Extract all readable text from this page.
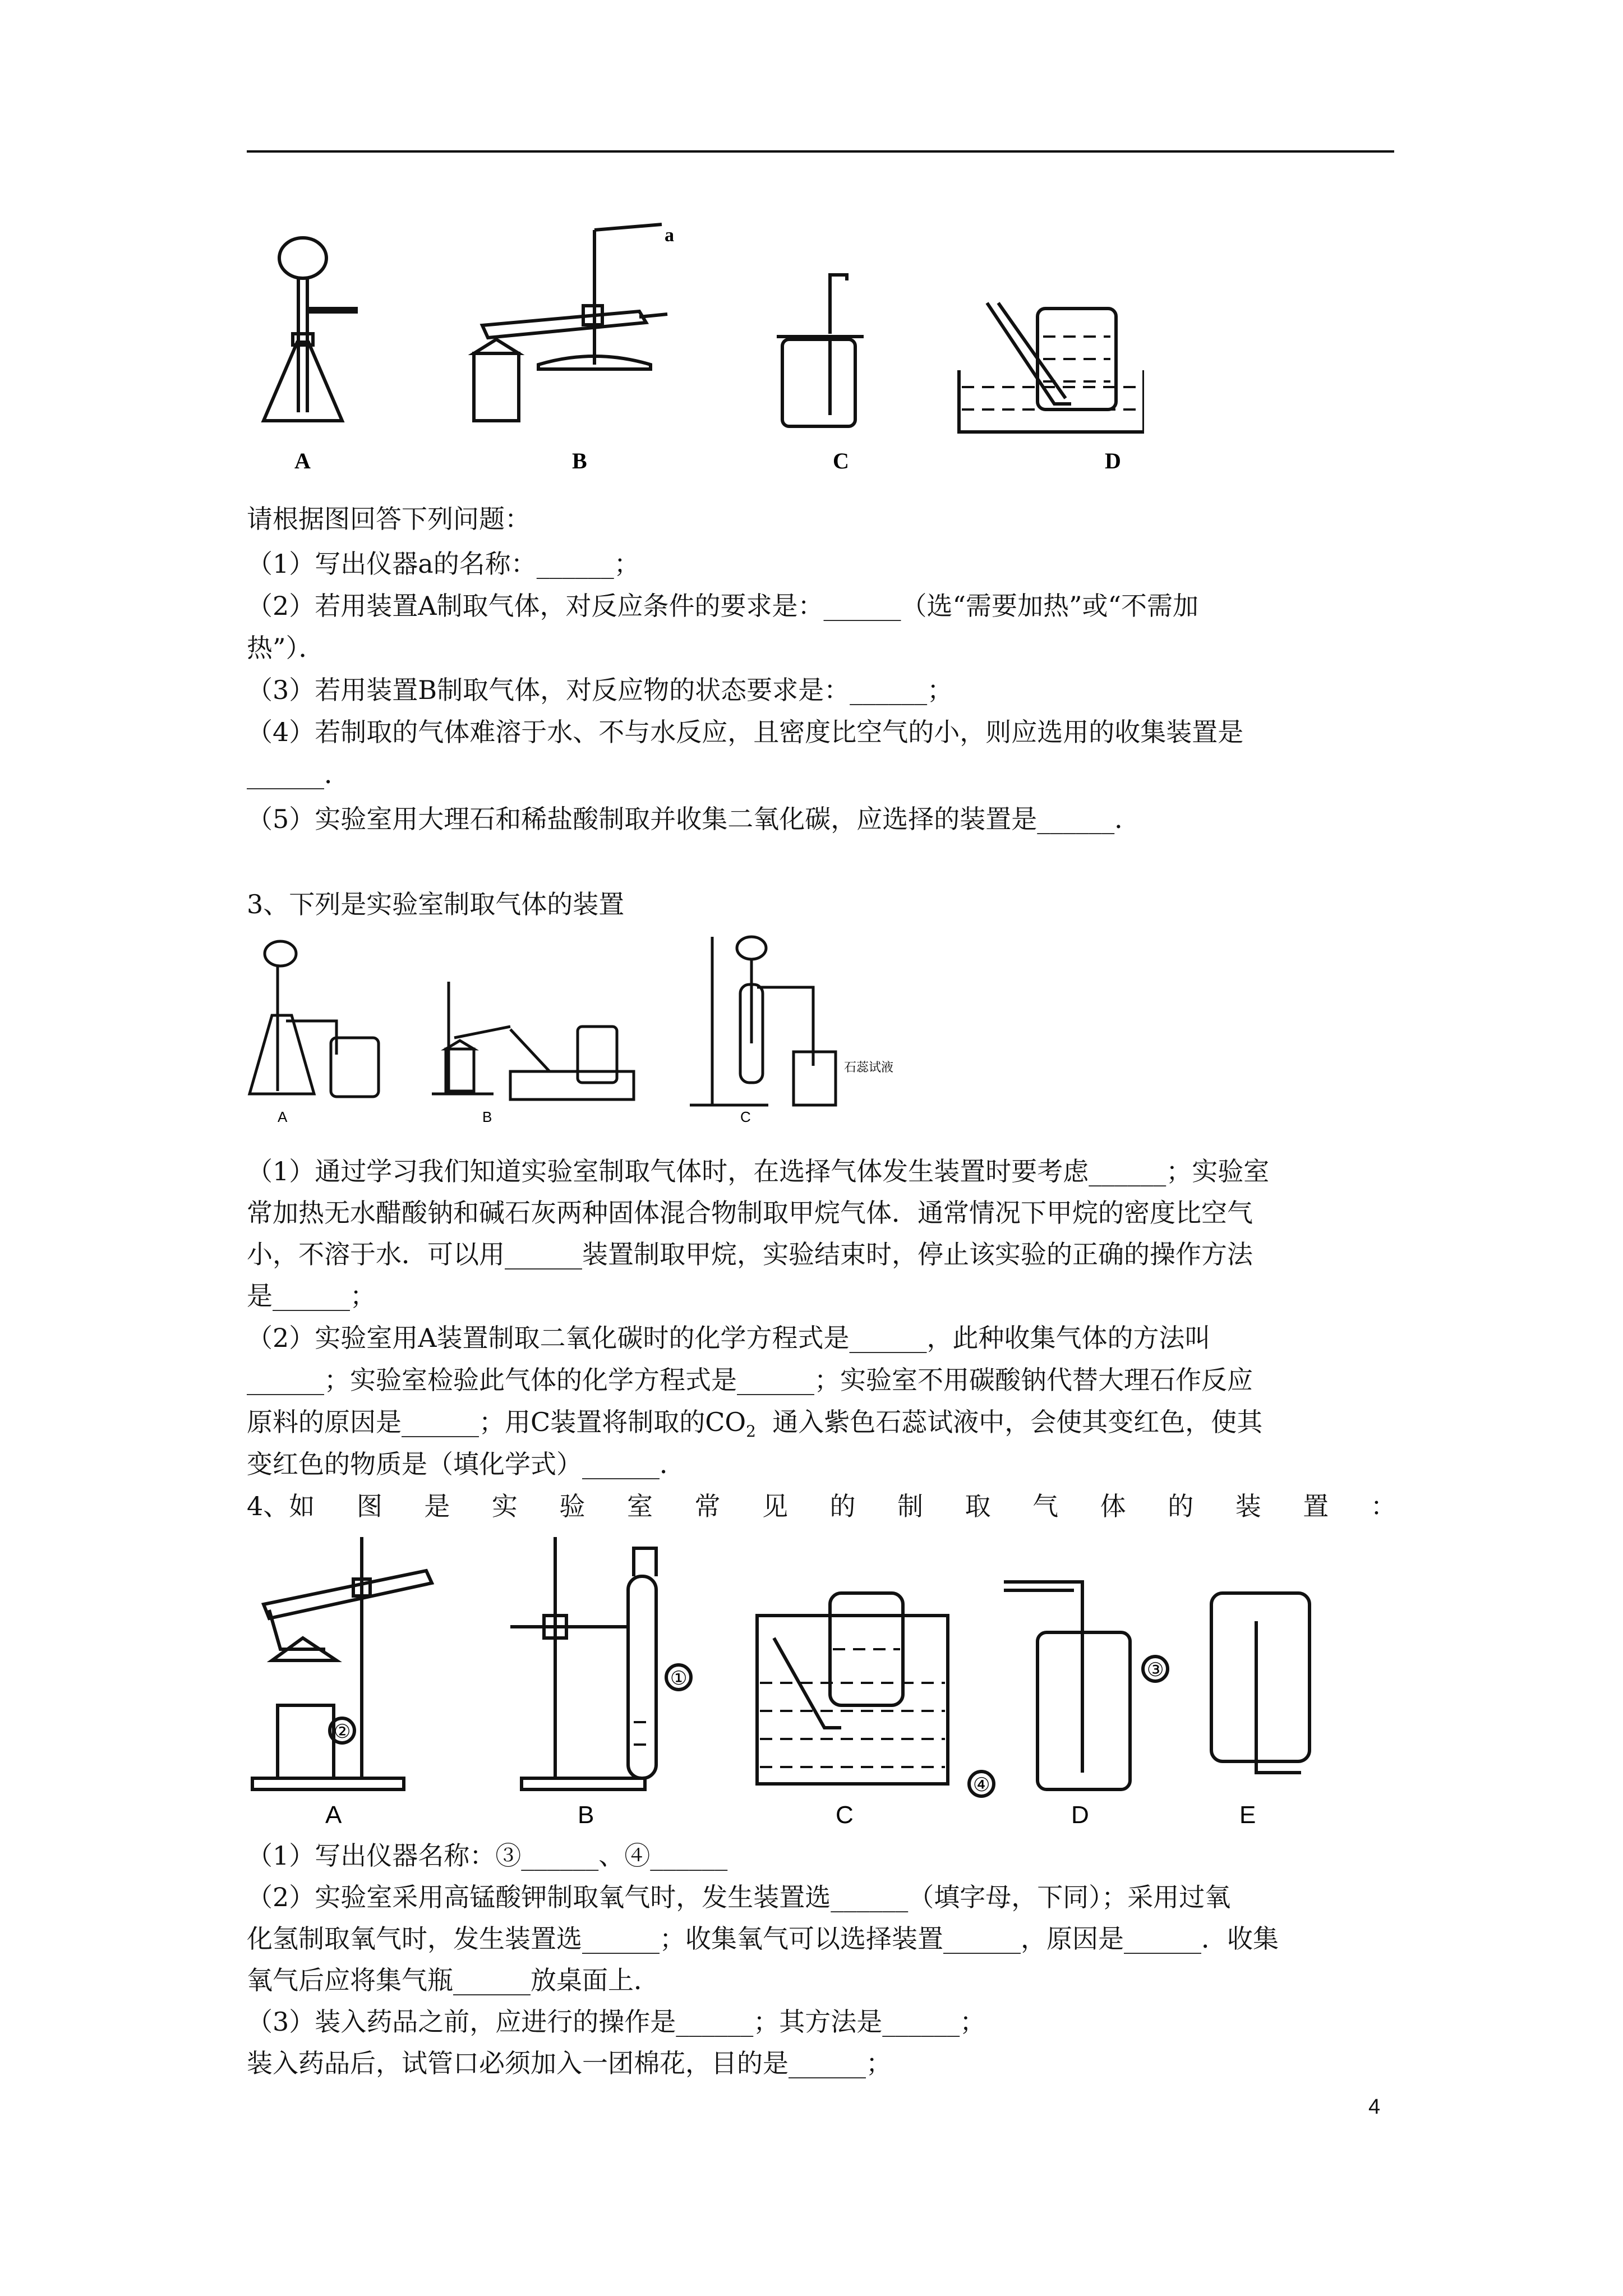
a
A	B	C	D
请根据图回答下列问题：
（1）写出仪器a的名称：______；
（2）若用装置A制取气体，对反应条件的要求是：______（选“需要加热”或“不需加
热”）．
（3）若用装置B制取气体，对反应物的状态要求是：______；
（4）若制取的气体难溶于水、不与水反应，且密度比空气的小，则应选用的收集装置是
______．
（5）实验室用大理石和稀盐酸制取并收集二氧化碳，应选择的装置是______．
3、下列是实验室制取气体的装置
石蕊试液
A	B	C
（1）通过学习我们知道实验室制取气体时，在选择气体发生装置时要考虑______；实验室
常加热无水醋酸钠和碱石灰两种固体混合物制取甲烷气体．通常情况下甲烷的密度比空气
小，不溶于水．可以用______装置制取甲烷，实验结束时，停止该实验的正确的操作方法
是______；
（2）实验室用A装置制取二氧化碳时的化学方程式是______，此种收集气体的方法叫
______；实验室检验此气体的化学方程式是______；实验室不用碳酸钠代替大理石作反应
原料的原因是______；用C装置将制取的$CO_2$ 通入紫色石蕊试液中，会使其变红色，使其
变红色的物质是（填化学式）______．
4、如 图 是 实 验 室 常 见 的 制 取 气 体 的 装 置 ：
②
①
④
③
A	B	C	D	E
（1）写出仪器名称：③______、④______
（2）实验室采用高锰酸钾制取氧气时，发生装置选______（填字母，下同）；采用过氧
化氢制取氧气时，发生装置选______；收集氧气可以选择装置______，原因是______．收集
氧气后应将集气瓶______放桌面上．
（3）装入药品之前，应进行的操作是______；其方法是______；
装入药品后，试管口必须加入一团棉花，目的是______；
4
